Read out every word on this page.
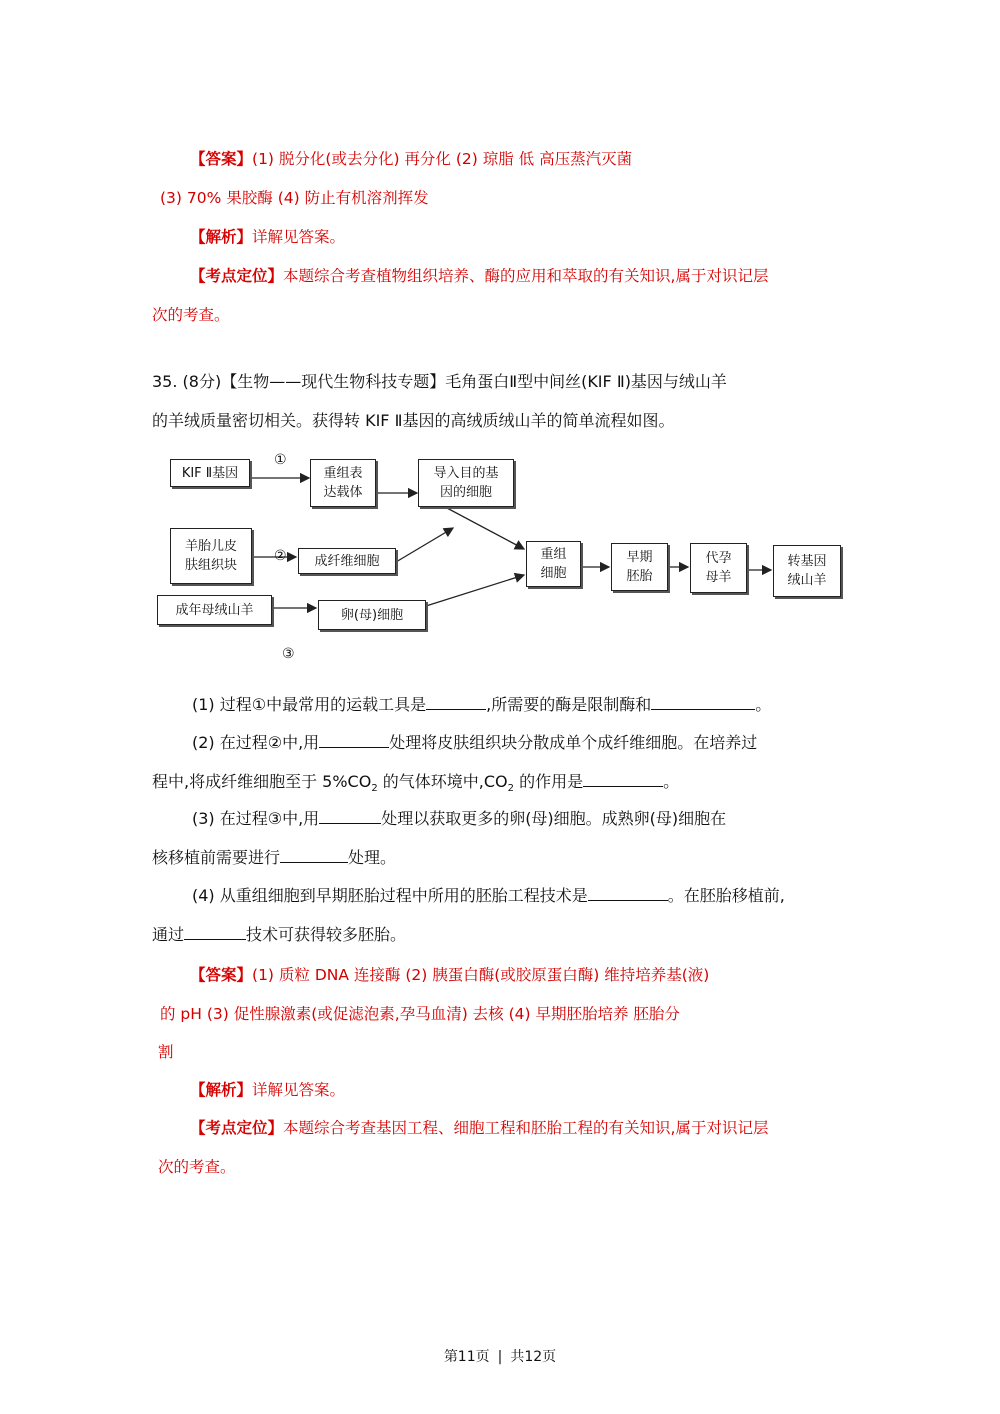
【答案】(1) 脱分化(或去分化) 再分化 (2) 琼脂 低 高压蒸汽灭菌
(3) 70% 果胶酶 (4) 防止有机溶剂挥发
【解析】详解见答案。
【考点定位】本题综合考查植物组织培养、酶的应用和萃取的有关知识,属于对识记层
次的考查。
35. (8分)【生物——现代生物科技专题】毛角蛋白Ⅱ型中间丝(KIF Ⅱ)基因与绒山羊
的羊绒质量密切相关。获得转 KIF Ⅱ基因的高绒质绒山羊的简单流程如图。
KIF Ⅱ基因
①
重组表
达载体
导入目的基
因的细胞
羊胎儿皮
肤组织块
②	成纤维细胞
成年母绒山羊	卵(母)细胞
③
重组
细胞
早期
胚胎
代孕
母羊
转基因
绒山羊
(1) 过程①中最常用的运载工具是	,所需要的酶是限制酶和	。
(2) 在过程②中,用	处理将皮肤组织块分散成单个成纤维细胞。在培养过
程中,将成纤维细胞至于 $5\%CO_2$ 的气体环境中$,CO_2$ 的作用是	。
(3) 在过程③中,用	处理以获取更多的卵(母)细胞。成熟卵(母)细胞在
核移植前需要进行	处理。
(4) 从重组细胞到早期胚胎过程中所用的胚胎工程技术是	。在胚胎移植前,
通过	技术可获得较多胚胎。
【答案】(1) 质粒 DNA 连接酶 (2) 胰蛋白酶(或胶原蛋白酶) 维持培养基(液)
的 pH (3) 促性腺激素(或促滤泡素,孕马血清) 去核 (4) 早期胚胎培养 胚胎分
割
【解析】详解见答案。
【考点定位】本题综合考查基因工程、细胞工程和胚胎工程的有关知识,属于对识记层
次的考查。
第11页 | 共12页
